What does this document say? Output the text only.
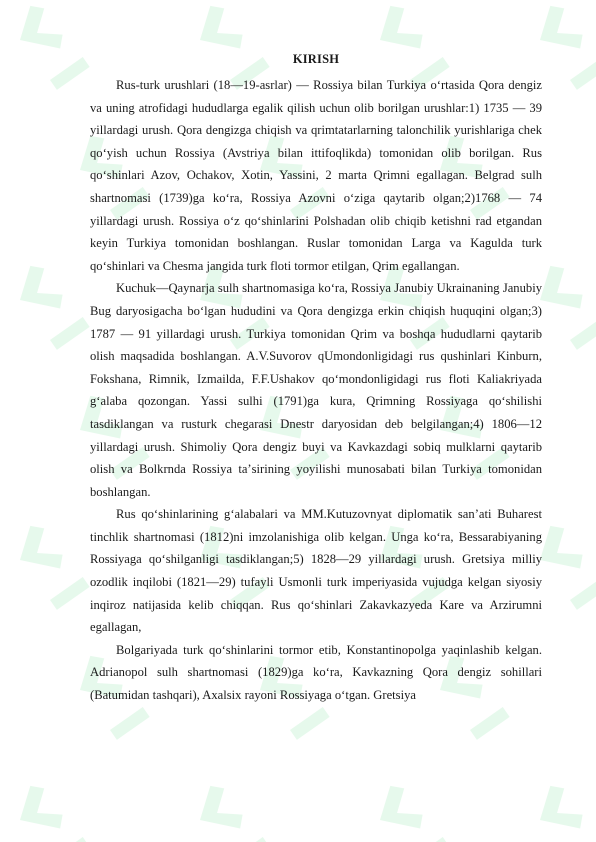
KIRISH

Rus-turk urushlari (18—19-asrlar) — Rossiya bilan Turkiya oʻrtasida Qora dengiz va uning atrofidagi hududlarga egalik qilish uchun olib borilgan urushlar:1) 1735 — 39 yillardagi urush. Qora dengizga chiqish va qrimtatarlarning talonchilik yurishlariga chek qoʻyish uchun Rossiya (Avstriya bilan ittifoqlikda) tomonidan olib borilgan. Rus qoʻshinlari Azov, Ochakov, Xotin, Yassini, 2 marta Qrimni egallagan. Belgrad sulh shartnomasi (1739)ga koʻra, Rossiya Azovni oʻziga qaytarib olgan;2)1768 — 74 yillardagi urush. Rossiya oʻz qoʻshinlarini Polshadan olib chiqib ketishni rad etgandan keyin Turkiya tomonidan boshlangan. Ruslar tomonidan Larga va Kagulda turk qoʻshinlari va Chesma jangida turk floti tormor etilgan, Qrim egallangan.

Kuchuk—Qaynarja sulh shartnomasiga koʻra, Rossiya Janubiy Ukrainaning Janubiy Bug daryosigacha boʻlgan hududini va Qora dengizga erkin chiqish huquqini olgan;3) 1787 — 91 yillardagi urush. Turkiya tomonidan Qrim va boshqa hududlarni qaytarib olish maqsadida boshlangan. A.V.Suvorov qUmondonligidagi rus qushinlari Kinburn, Fokshana, Rimnik, Izmailda, F.F.Ushakov qoʻmondonligidagi rus floti Kaliakriyada gʻalaba qozongan. Yassi sulhi (1791)ga kura, Qrimning Rossiyaga qoʻshilishi tasdiklangan va rusturk chegarasi Dnestr daryosidan deb belgilangan;4) 1806—12 yillardagi urush. Shimoliy Qora dengiz buyi va Kavkazdagi sobiq mulklarni qaytarib olish va Bolkrnda Rossiya taʼsirining yoyilishi munosabati bilan Turkiya tomonidan boshlangan.

Rus qoʻshinlarining gʻalabalari va MM.Kutuzovnyat diplomatik sanʼati Buharest tinchlik shartnomasi (1812)ni imzolanishiga olib kelgan. Unga koʻra, Bessarabiyaning Rossiyaga qoʻshilganligi tasdiklangan;5) 1828—29 yillardagi urush. Gretsiya milliy ozodlik inqilobi (1821—29) tufayli Usmonli turk imperiyasida vujudga kelgan siyosiy inqiroz natijasida kelib chiqqan. Rus qoʻshinlari Zakavkazyeda Kare va Arzirumni egallagan,

Bolgariyada turk qoʻshinlarini tormor etib, Konstantinopolga yaqinlashib kelgan. Adrianopol sulh shartnomasi (1829)ga koʻra, Kavkazning Qora dengiz sohillari (Batumidan tashqari), Axalsix rayoni Rossiyaga oʻtgan. Gretsiya
